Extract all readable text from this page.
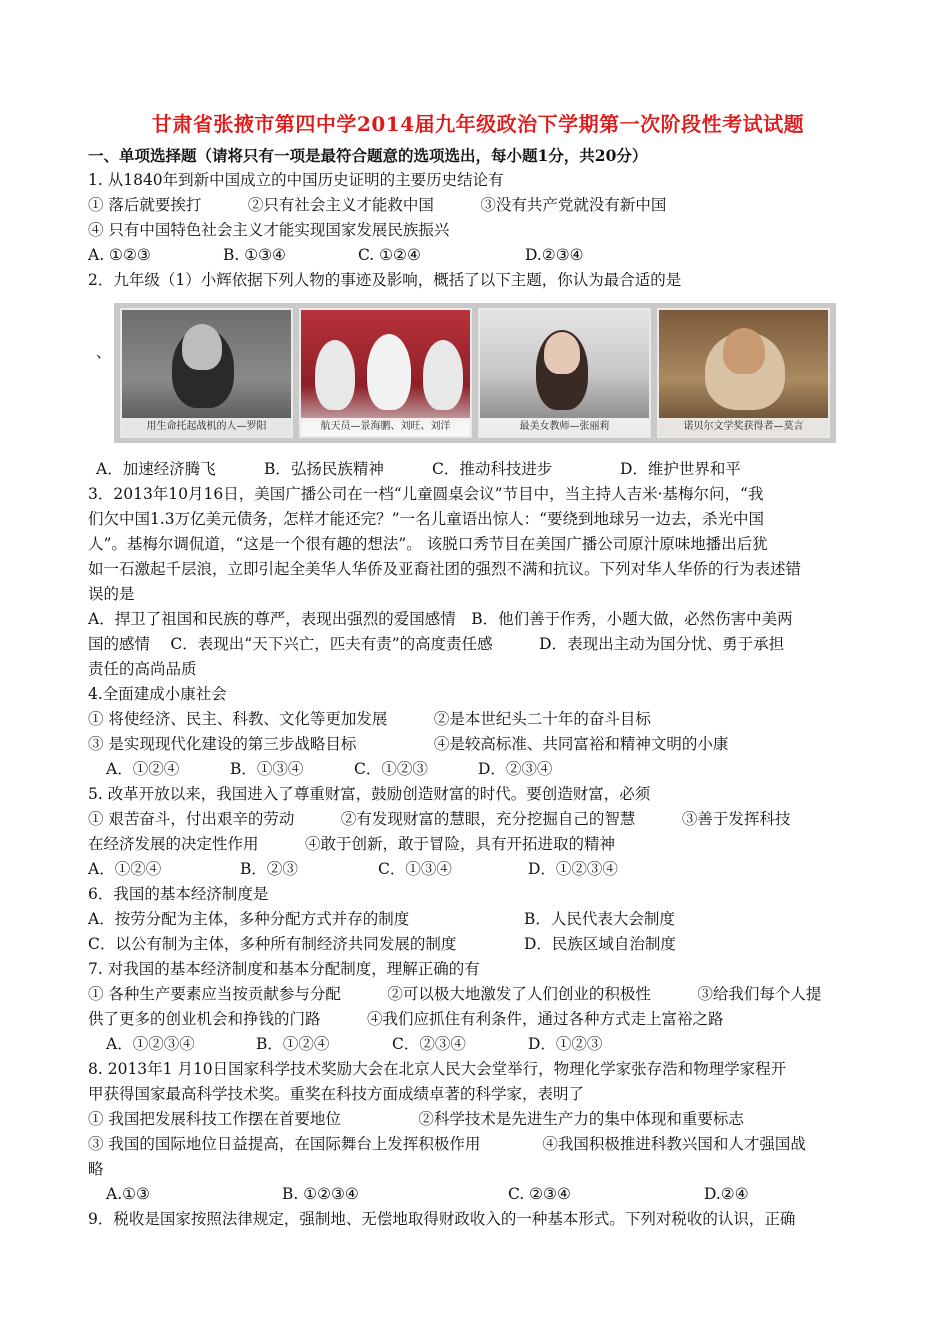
甘肃省张掖市第四中学2014届九年级政治下学期第一次阶段性考试试题
一、单项选择题（请将只有一项是最符合题意的选项选出，每小题1分，共20分）
1. 从1840年到新中国成立的中国历史证明的主要历史结论有
① 落后就要挨打　　　②只有社会主义才能救中国　　　③没有共产党就没有新中国
④ 只有中国特色社会主义才能实现国家发展民族振兴
A. ①②③	B. ①③④	C. ①②④	D.②③④
2．九年级（1）小辉依据下列人物的事迹及影响，概括了以下主题，你认为最合适的是
、
用生命托起战机的人—罗阳	航天员—景海鹏、刘旺、刘洋	最美女教师—张丽莉	诺贝尔文学奖获得者—莫言
A．加速经济腾飞	B．弘扬民族精神	C．推动科技进步	D．维护世界和平
3．2013年10月16日，美国广播公司在一档“儿童圆桌会议”节目中，当主持人吉米·基梅尔问，“我
们欠中国1.3万亿美元债务，怎样才能还完？”一名儿童语出惊人：“要绕到地球另一边去，杀光中国
人”。基梅尔调侃道，“这是一个很有趣的想法”。 该脱口秀节目在美国广播公司原汁原味地播出后犹
如一石激起千层浪，立即引起全美华人华侨及亚裔社团的强烈不满和抗议。下列对华人华侨的行为表述错
误的是
A．捍卫了祖国和民族的尊严，表现出强烈的爱国感情　B．他们善于作秀，小题大做，必然伤害中美两
国的感情　 C．表现出“天下兴亡，匹夫有责”的高度责任感　　　D．表现出主动为国分忧、勇于承担
责任的高尚品质
4.全面建成小康社会
① 将使经济、民主、科教、文化等更加发展　　　②是本世纪头二十年的奋斗目标
③ 是实现现代化建设的第三步战略目标　　　　　④是较高标准、共同富裕和精神文明的小康
A．①②④	B．①③④	C．①②③	D．②③④
5. 改革开放以来，我国进入了尊重财富，鼓励创造财富的时代。要创造财富，必须
① 艰苦奋斗，付出艰辛的劳动　　　②有发现财富的慧眼，充分挖掘自己的智慧　　　③善于发挥科技
在经济发展的决定性作用　　　④敢于创新，敢于冒险，具有开拓进取的精神
A．①②④	B．②③	C．①③④	D．①②③④
6．我国的基本经济制度是
A．按劳分配为主体，多种分配方式并存的制度	B．人民代表大会制度
C．以公有制为主体，多种所有制经济共同发展的制度	D．民族区域自治制度
7. 对我国的基本经济制度和基本分配制度，理解正确的有
① 各种生产要素应当按贡献参与分配　　　②可以极大地激发了人们创业的积极性　　　③给我们每个人提
供了更多的创业机会和挣钱的门路　　　④我们应抓住有利条件，通过各种方式走上富裕之路
A．①②③④	B．①②④	C．②③④	D．①②③
8. 2013年1 月10日国家科学技术奖励大会在北京人民大会堂举行，物理化学家张存浩和物理学家程开
甲获得国家最高科学技术奖。重奖在科技方面成绩卓著的科学家，表明了
① 我国把发展科技工作摆在首要地位　　　　　②科学技术是先进生产力的集中体现和重要标志
③ 我国的国际地位日益提高，在国际舞台上发挥积极作用　　　　④我国积极推进科教兴国和人才强国战
略
A.①③	B. ①②③④	C. ②③④	D.②④
9．税收是国家按照法律规定，强制地、无偿地取得财政收入的一种基本形式。下列对税收的认识，正确
